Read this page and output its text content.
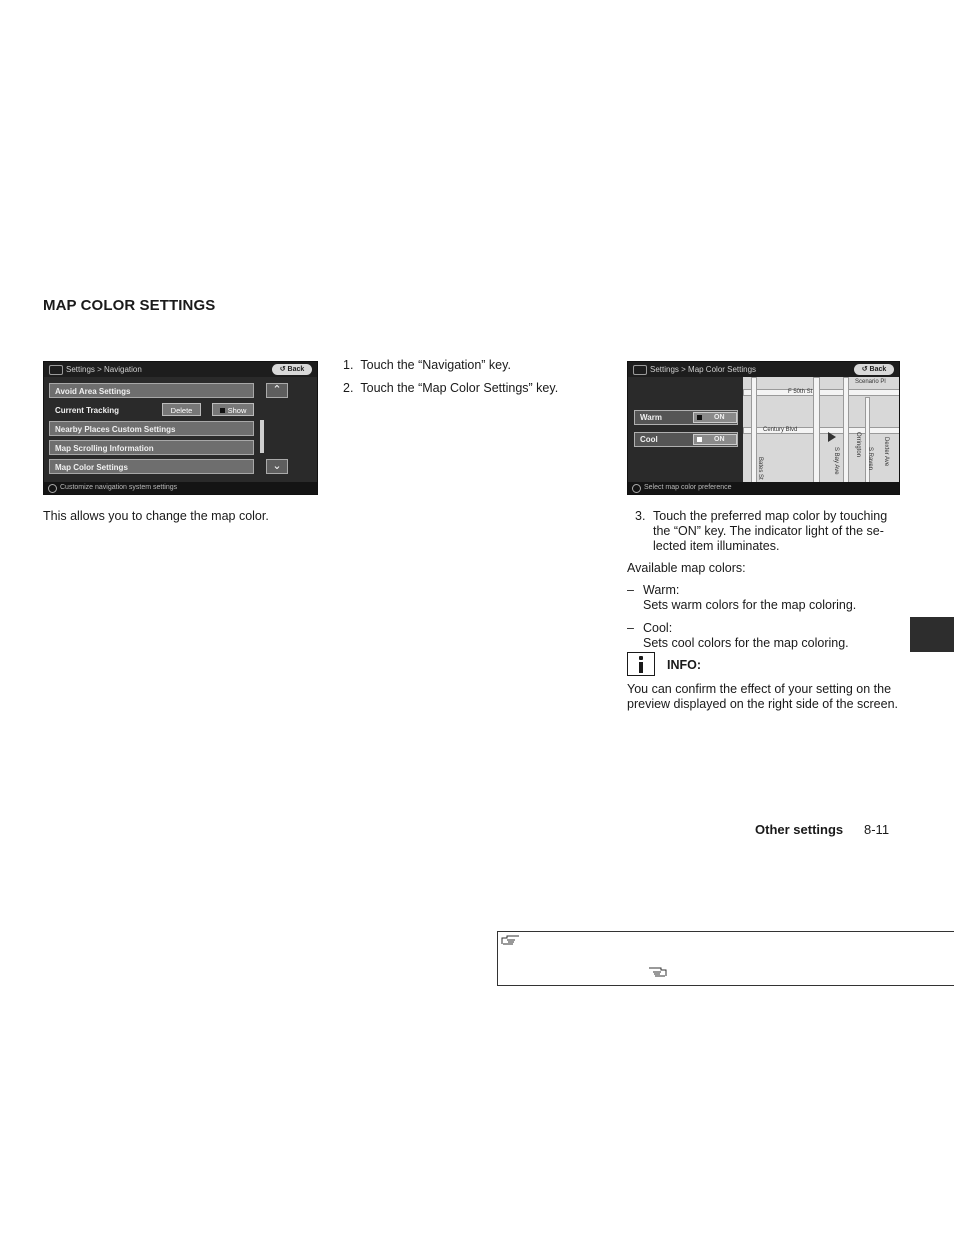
MAP COLOR SETTINGS
Settings > Navigation	↺ Back
Avoid Area Settings
Current Tracking	Delete	Show
Nearby Places Custom Settings
Map Scrolling Information
Map Color Settings
⌃
⌄
Customize navigation system settings
This allows you to change the map color.
1. Touch the “Navigation” key.
2. Touch the “Map Color Settings” key.
Settings > Map Color Settings	↺ Back
Warm	ON
Cool	ON
Scenario Pl
F 50th St
Century Blvd
Dexter Ave
S Raven
S Bay Ave
Orrington
Bates St
Select map color preference
3. Touch the preferred map color by touching
the “ON” key. The indicator light of the se-
lected item illuminates.
Available map colors:
– Warm:
Sets warm colors for the map coloring.
– Cool:
Sets cool colors for the map coloring.
INFO:
You can confirm the effect of your setting on the
preview displayed on the right side of the screen.
Other settings 8-11
